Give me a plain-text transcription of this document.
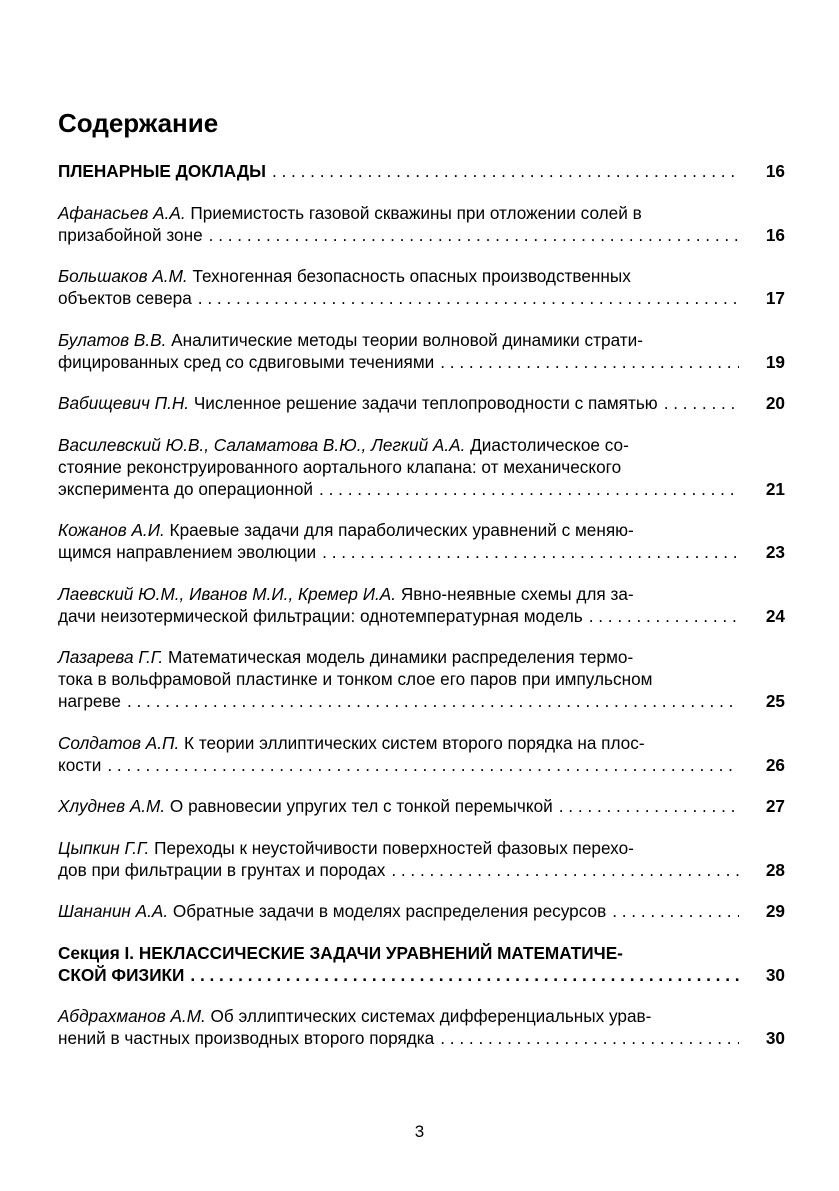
Содержание
ПЛЕНАРНЫЕ ДОКЛАДЫ . . .	16
Афанасьев А.А. Приемистость газовой скважины при отложении солей в
призабойной зоне . . .	16
Большаков А.М. Техногенная безопасность опасных производственных
объектов севера . . .	17
Булатов В.В. Аналитические методы теории волновой динамики страти-
фицированных сред со сдвиговыми течениями . . .	19
Вабищевич П.Н. Численное решение задачи теплопроводности с памятью . . .	20
Василевский Ю.В., Саламатова В.Ю., Легкий А.А. Диастолическое со-
стояние реконструированного аортального клапана: от механического
эксперимента до операционной . . .	21
Кожанов А.И. Краевые задачи для параболических уравнений с меняю-
щимся направлением эволюции . . .	23
Лаевский Ю.М., Иванов М.И., Кремер И.А. Явно-неявные схемы для за-
дачи неизотермической фильтрации: однотемпературная модель . . .	24
Лазарева Г.Г. Математическая модель динамики распределения термо-
тока в вольфрамовой пластинке и тонком слое его паров при импульсном
нагреве . . .	25
Солдатов А.П. К теории эллиптических систем второго порядка на плос-
кости . . .	26
Хлуднев А.М. О равновесии упругих тел с тонкой перемычкой . . .	27
Цыпкин Г.Г. Переходы к неустойчивости поверхностей фазовых перехо-
дов при фильтрации в грунтах и породах . . .	28
Шананин А.А. Обратные задачи в моделях распределения ресурсов . . .	29
Секция I. НЕКЛАССИЧЕСКИЕ ЗАДАЧИ УРАВНЕНИЙ МАТЕМАТИЧЕ-
СКОЙ ФИЗИКИ . . .	30
Абдрахманов А.М. Об эллиптических системах дифференциальных урав-
нений в частных производных второго порядка . . .	30
3
